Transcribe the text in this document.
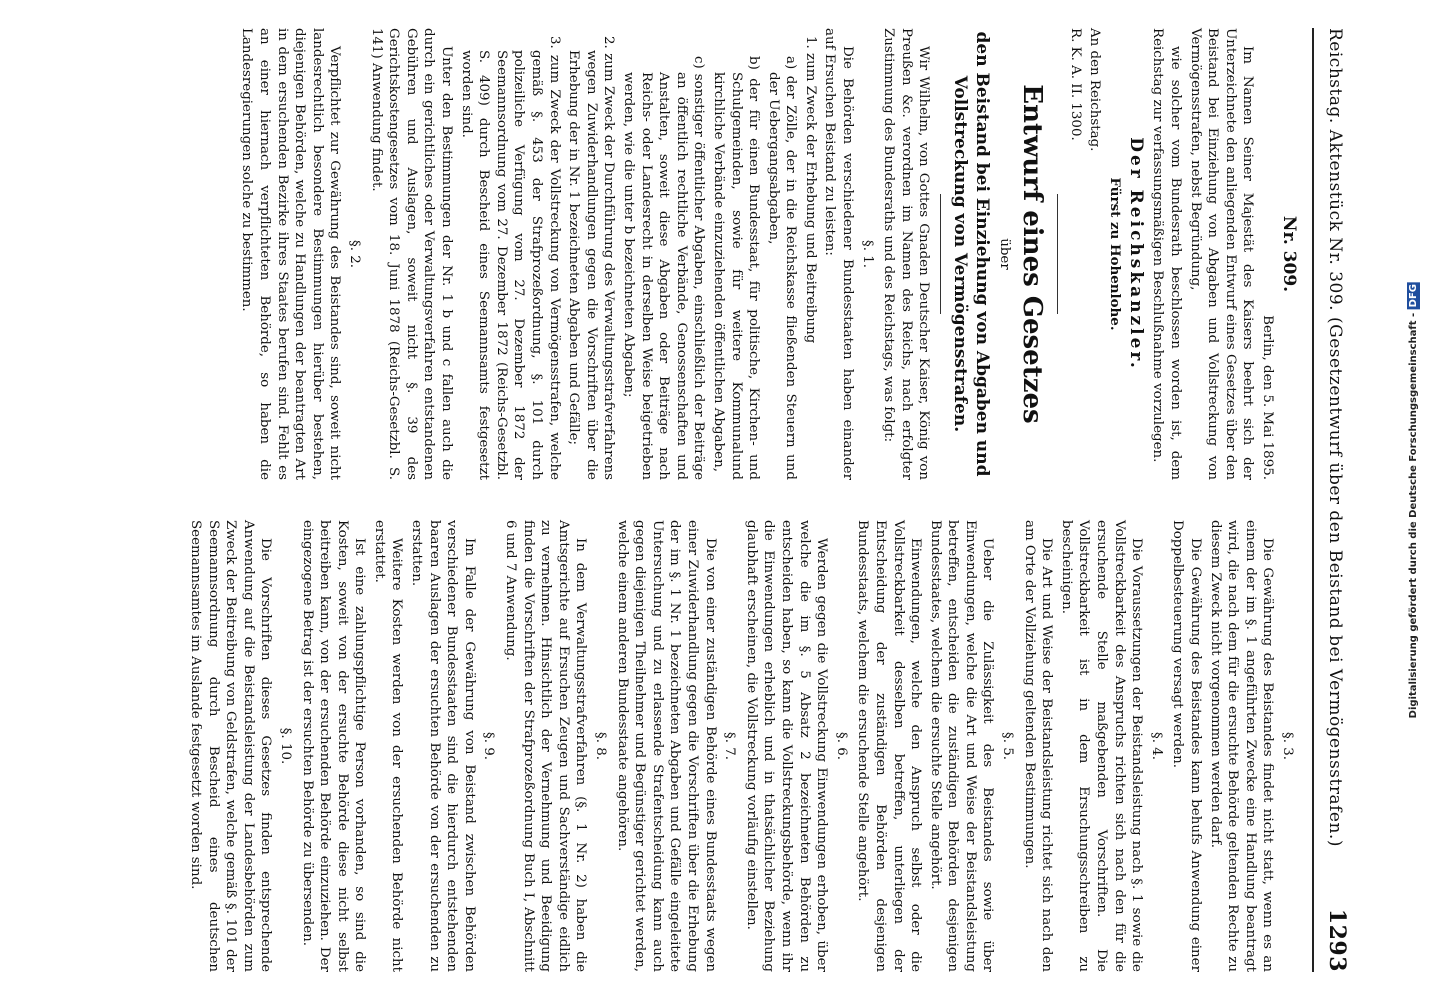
Reichstag. Aktenstück Nr. 309. (Gesetzentwurf über den Beistand bei Vermögensstrafen.)
1293

Nr. 309.

Berlin, den 5. Mai 1895.

Im Namen Seiner Majestät des Kaisers beehrt sich der Unterzeichnete den anliegenden Entwurf eines Gesetzes über den Beistand bei Einziehung von Abgaben und Vollstreckung von Vermögensstrafen, nebst Begründung,

wie solcher vom Bundesrath beschlossen worden ist, dem Reichstag zur verfassungsmäßigen Beschlußnahme vorzulegen.

Der Reichskanzler.

Fürst zu Hohenlohe.

An den Reichstag.

R. K. A. II. 1300.

Entwurf eines Gesetzes

über

den Beistand bei Einziehung von Abgaben und Vollstreckung von Vermögensstrafen.

Wir Wilhelm, von Gottes Gnaden Deutscher Kaiser, König von Preußen &c. verordnen im Namen des Reichs, nach erfolgter Zustimmung des Bundesraths und des Reichstags, was folgt:

§. 1.

Die Behörden verschiedener Bundesstaaten haben einander auf Ersuchen Beistand zu leisten:

1. zum Zweck der Erhebung und Beitreibung

a) der Zölle, der in die Reichskasse fließenden Steuern und der Uebergangsabgaben,

b) der für einen Bundesstaat, für politische, Kirchen- und Schulgemeinden, sowie für weitere Kommunalund kirchliche Verbände einzuziehenden öffentlichen Abgaben,

c) sonstiger öffentlicher Abgaben, einschließlich der Beiträge an öffentlich rechtliche Verbände, Genossenschaften und Anstalten, soweit diese Abgaben oder Beiträge nach Reichs- oder Landesrecht in derselben Weise beigetrieben werden, wie die unter b bezeichneten Abgaben;

2. zum Zweck der Durchführung des Verwaltungsstrafverfahrens wegen Zuwiderhandlungen gegen die Vorschriften über die Erhebung der in Nr. 1 bezeichneten Abgaben und Gefälle;

3. zum Zweck der Vollstreckung von Vermögensstrafen, welche gemäß §. 453 der Strafprozeßordnung, §. 101 durch polizeiliche Verfügung vom 27. Dezember 1872 der Seemannsordnung vom 27. Dezember 1872 (Reichs-Gesetzbl. S. 409) durch Bescheid eines Seemannsamts festgesetzt worden sind.

Unter den Bestimmungen der Nr. 1 b und c fallen auch die durch ein gerichtliches oder Verwaltungsverfahren entstandenen Gebühren und Auslagen, soweit nicht §. 39 des Gerichtskostengesetzes vom 18. Juni 1878 (Reichs-Gesetzbl. S. 141) Anwendung findet.

§. 2.

Verpflichtet zur Gewährung des Beistandes sind, soweit nicht landesrechtlich besondere Bestimmungen hierüber bestehen, diejenigen Behörden, welche zu Handlungen der beantragten Art in dem ersuchenden Bezirke ihres Staates berufen sind. Fehlt es an einer hiernach verpflichteten Behörde, so haben die Landesregierungen solche zu bestimmen.

§. 3.

Die Gewährung des Beistandes findet nicht statt, wenn es an einem der im §. 1 angeführten Zwecke eine Handlung beantragt wird, die nach dem für die ersuchte Behörde geltenden Rechte zu diesem Zweck nicht vorgenommen werden darf.

Die Gewährung des Beistandes kann behufs Anwendung einer Doppelbesteuerung versagt werden.

§. 4.

Die Voraussetzungen der Beistandsleistung nach §. 1 sowie die Vollstreckbarkeit des Anspruchs richten sich nach den für die ersuchende Stelle maßgebenden Vorschriften. Die Vollstreckbarkeit ist in dem Ersuchungsschreiben zu bescheinigen.

Die Art und Weise der Beistandsleistung richtet sich nach den am Orte der Vollziehung geltenden Bestimmungen.

§. 5.

Ueber die Zulässigkeit des Beistandes sowie über Einwendungen, welche die Art und Weise der Beistandsleistung betreffen, entscheiden die zuständigen Behörden desjenigen Bundesstaates, welchem die ersuchte Stelle angehört.

Einwendungen, welche den Anspruch selbst oder die Vollstreckbarkeit desselben betreffen, unterliegen der Entscheidung der zuständigen Behörden desjenigen Bundesstaats, welchem die ersuchende Stelle angehört.

§. 6.

Werden gegen die Vollstreckung Einwendungen erhoben, über welche die im §. 5 Absatz 2 bezeichneten Behörden zu entscheiden haben, so kann die Vollstreckungsbehörde, wenn ihr die Einwendungen erheblich und in thatsächlicher Beziehung glaubhaft erscheinen, die Vollstreckung vorläufig einstellen.

§. 7.

Die von einer zuständigen Behörde eines Bundesstaats wegen einer Zuwiderhandlung gegen die Vorschriften über die Erhebung der im §. 1 Nr. 1 bezeichneten Abgaben und Gefälle eingeleitete Untersuchung und zu erlassende Strafentscheidung kann auch gegen diejenigen Theilnehmer und Begünstiger gerichtet werden, welche einem anderen Bundesstaate angehören.

§. 8.

In dem Verwaltungsstrafverfahren (§. 1 Nr. 2) haben die Amtsgerichte auf Ersuchen Zeugen und Sachverständige eidlich zu vernehmen. Hinsichtlich der Vernehmung und Beeidigung finden die Vorschriften der Strafprozeßordnung Buch I, Abschnitt 6 und 7 Anwendung.

§. 9.

Im Falle der Gewährung von Beistand zwischen Behörden verschiedener Bundesstaaten sind die hierdurch entstehenden baaren Auslagen der ersuchten Behörde von der ersuchenden zu erstatten.

Weitere Kosten werden von der ersuchenden Behörde nicht erstattet.

Ist eine zahlungspflichtige Person vorhanden, so sind die Kosten, soweit von der ersuchte Behörde diese nicht selbst beitreiben kann, von der ersuchenden Behörde einzuziehen. Der eingezogene Betrag ist der ersuchten Behörde zu übersenden.

§. 10.

Die Vorschriften dieses Gesetzes finden entsprechende Anwendung auf die Beistandsleistung der Landesbehörden zum Zweck der Beitreibung von Geldstrafen, welche gemäß §. 101 der Seemannsordnung durch Bescheid eines deutschen Seemannsamtes im Auslande festgesetzt worden sind.	Digitalisierung gefördert durch die Deutsche Forschungsgemeinschaft - DFG
